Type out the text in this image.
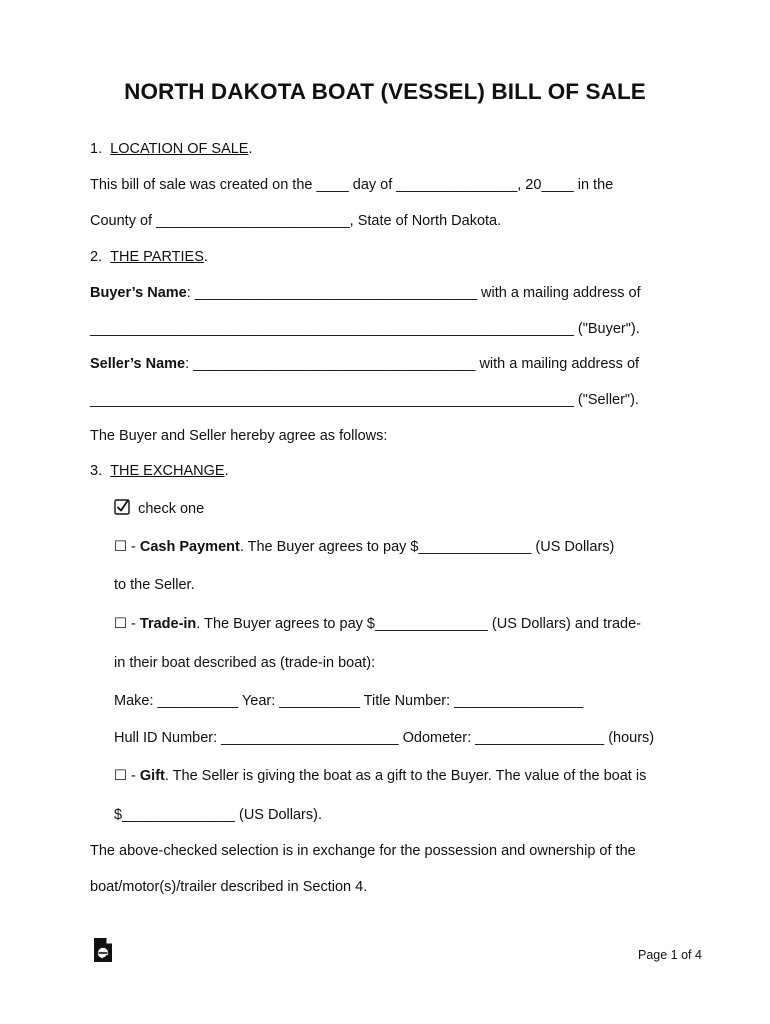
NORTH DAKOTA BOAT (VESSEL) BILL OF SALE
1. LOCATION OF SALE.
This bill of sale was created on the ____ day of _______________, 20____ in the
County of ________________________, State of North Dakota.
2. THE PARTIES.
Buyer’s Name: ___________________________________ with a mailing address of
____________________________________________________________ ("Buyer").
Seller’s Name: ___________________________________ with a mailing address of
____________________________________________________________ ("Seller").
The Buyer and Seller hereby agree as follows:
3. THE EXCHANGE.
check one
☐ - Cash Payment. The Buyer agrees to pay $______________ (US Dollars)
to the Seller.
☐ - Trade-in. The Buyer agrees to pay $______________ (US Dollars) and trade-
in their boat described as (trade-in boat):
Make: __________ Year: __________ Title Number: ________________
Hull ID Number: ______________________ Odometer: ________________ (hours)
☐ - Gift. The Seller is giving the boat as a gift to the Buyer. The value of the boat is
$______________ (US Dollars).
The above-checked selection is in exchange for the possession and ownership of the
boat/motor(s)/trailer described in Section 4.
Page 1 of 4
